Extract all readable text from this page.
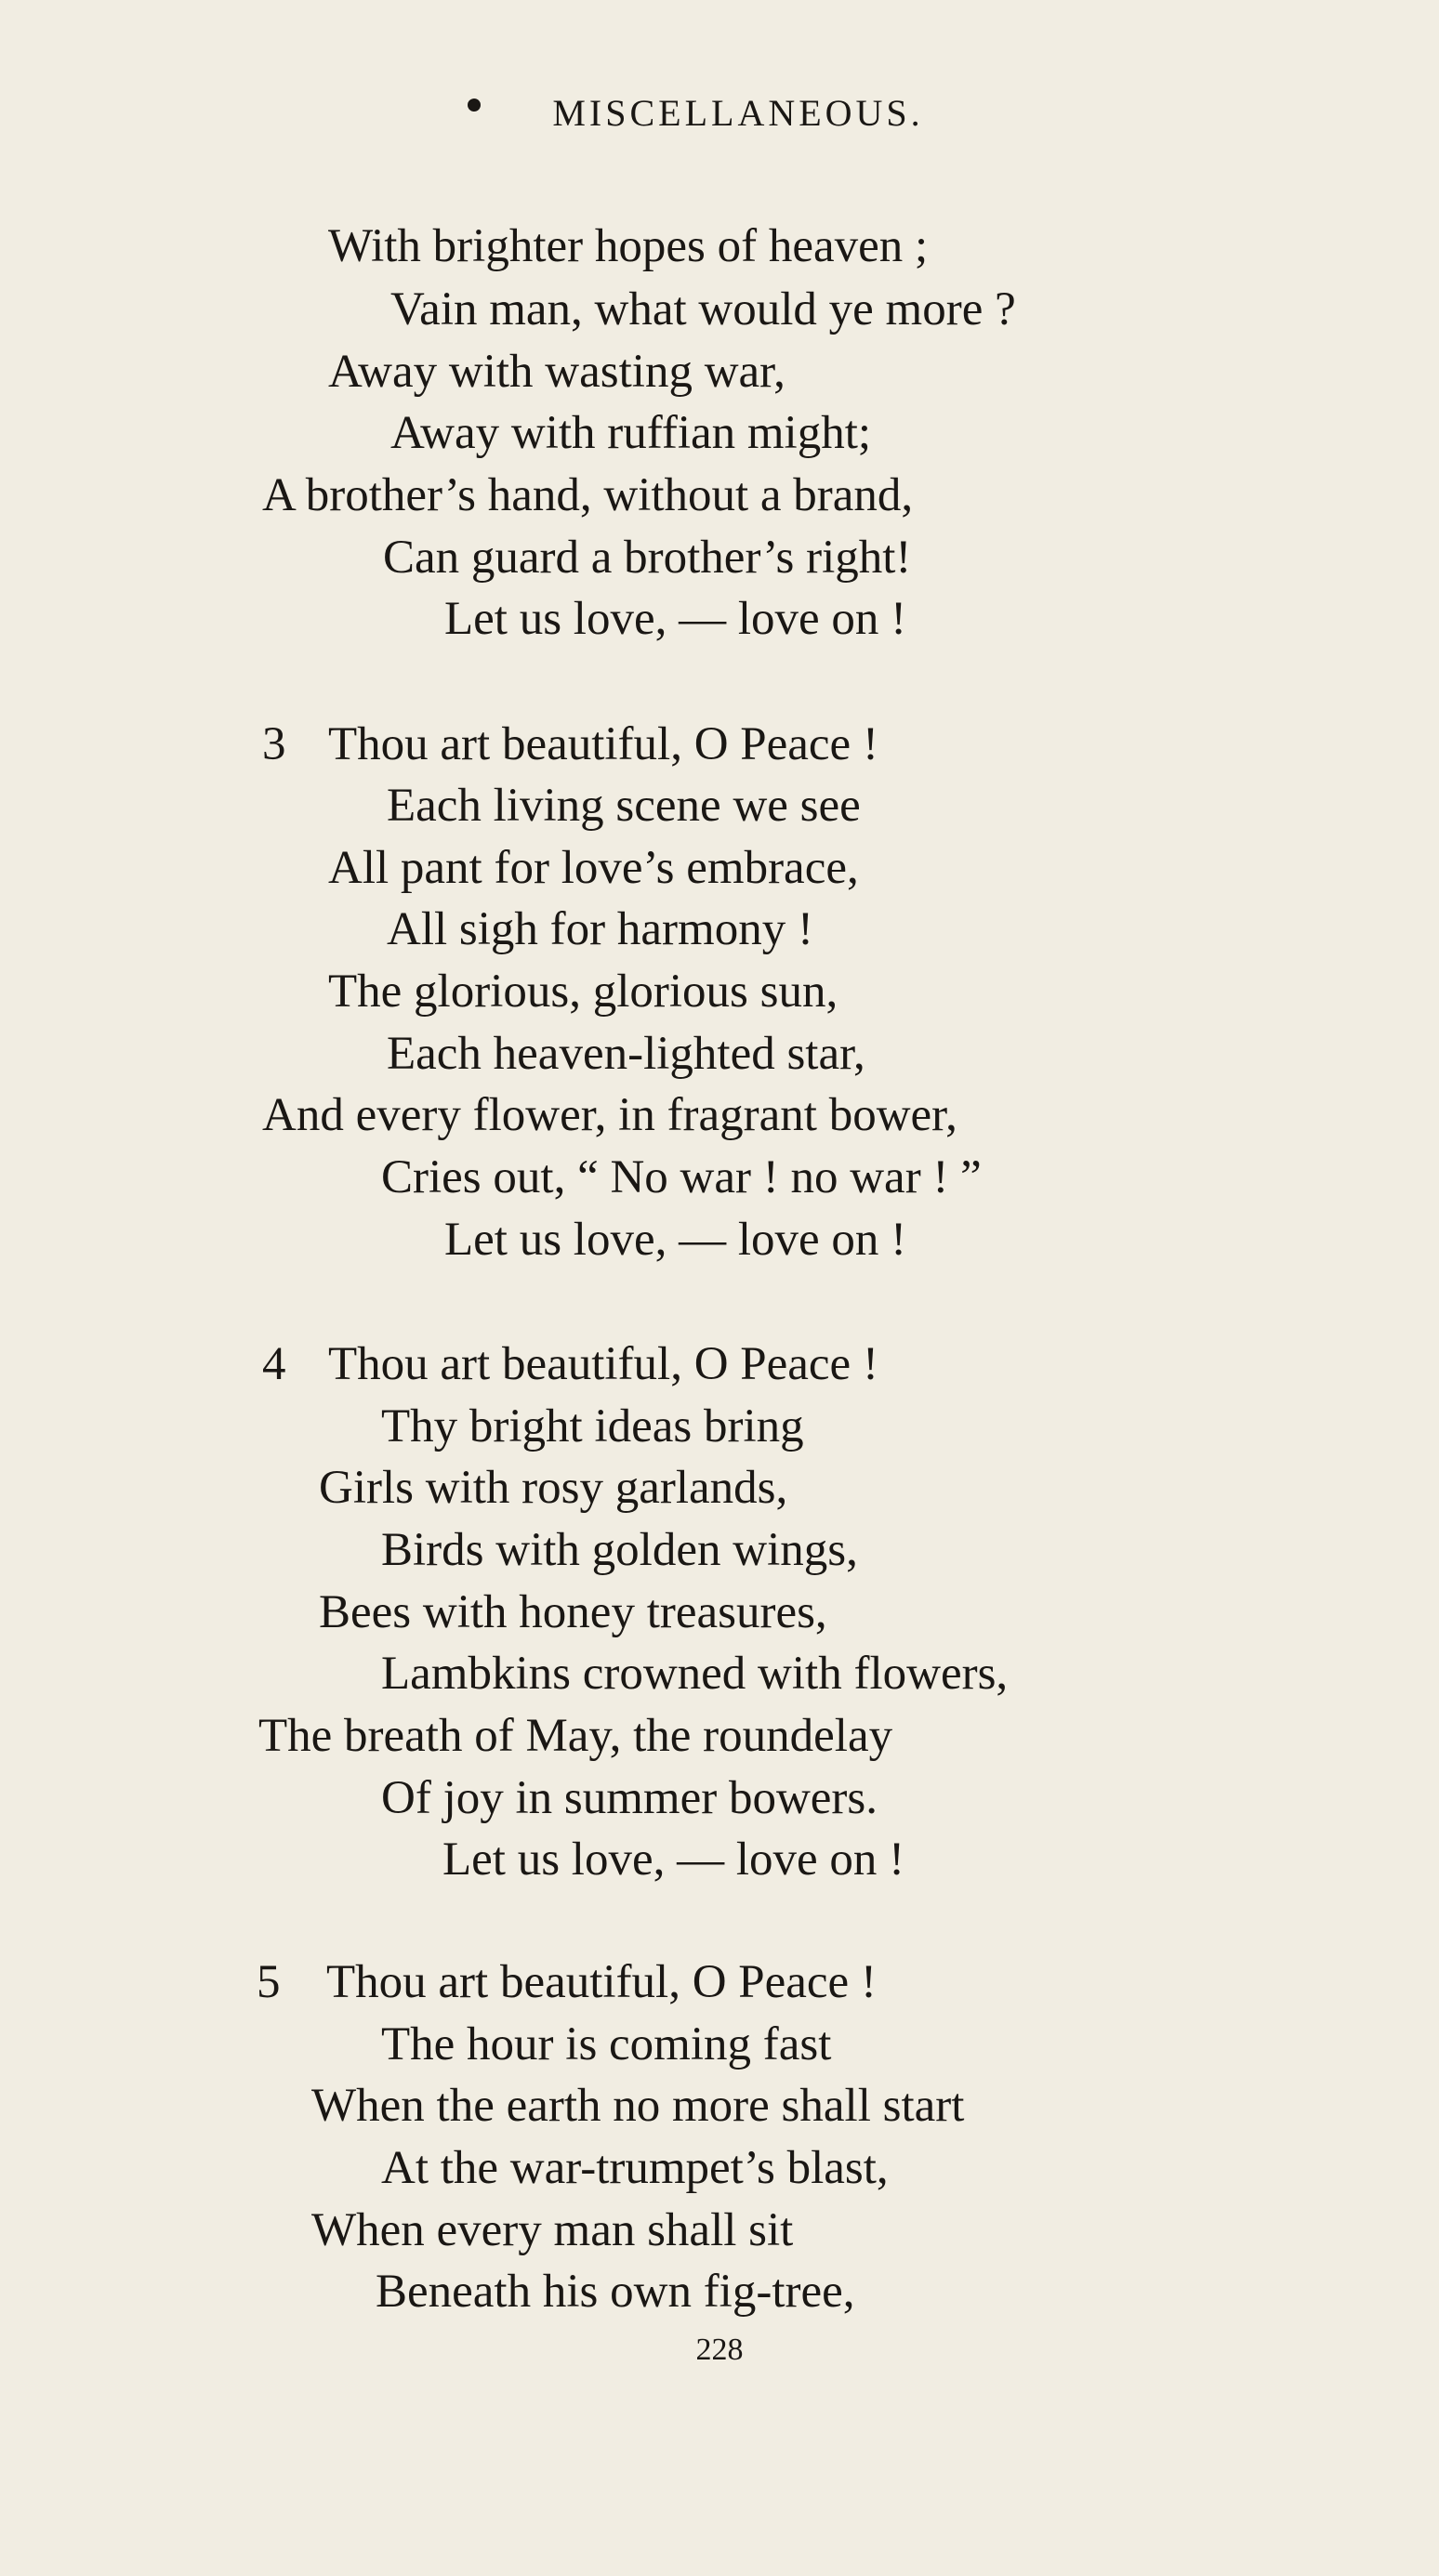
MISCELLANEOUS.
With brighter hopes of heaven ;
Vain man, what would ye more ?
Away with wasting war,
Away with ruffian might;
A brother’s hand, without a brand,
Can guard a brother’s right!
Let us love, — love on !
3 Thou art beautiful, O Peace !
Each living scene we see
All pant for love’s embrace,
All sigh for harmony !
The glorious, glorious sun,
Each heaven-lighted star,
And every flower, in fragrant bower,
Cries out, “ No war ! no war ! ”
Let us love, — love on !
4 Thou art beautiful, O Peace !
Thy bright ideas bring
Girls with rosy garlands,
Birds with golden wings,
Bees with honey treasures,
Lambkins crowned with flowers,
The breath of May, the roundelay
Of joy in summer bowers.
Let us love, — love on !
5 Thou art beautiful, O Peace !
The hour is coming fast
When the earth no more shall start
At the war-trumpet’s blast,
When every man shall sit
Beneath his own fig-tree,
228
